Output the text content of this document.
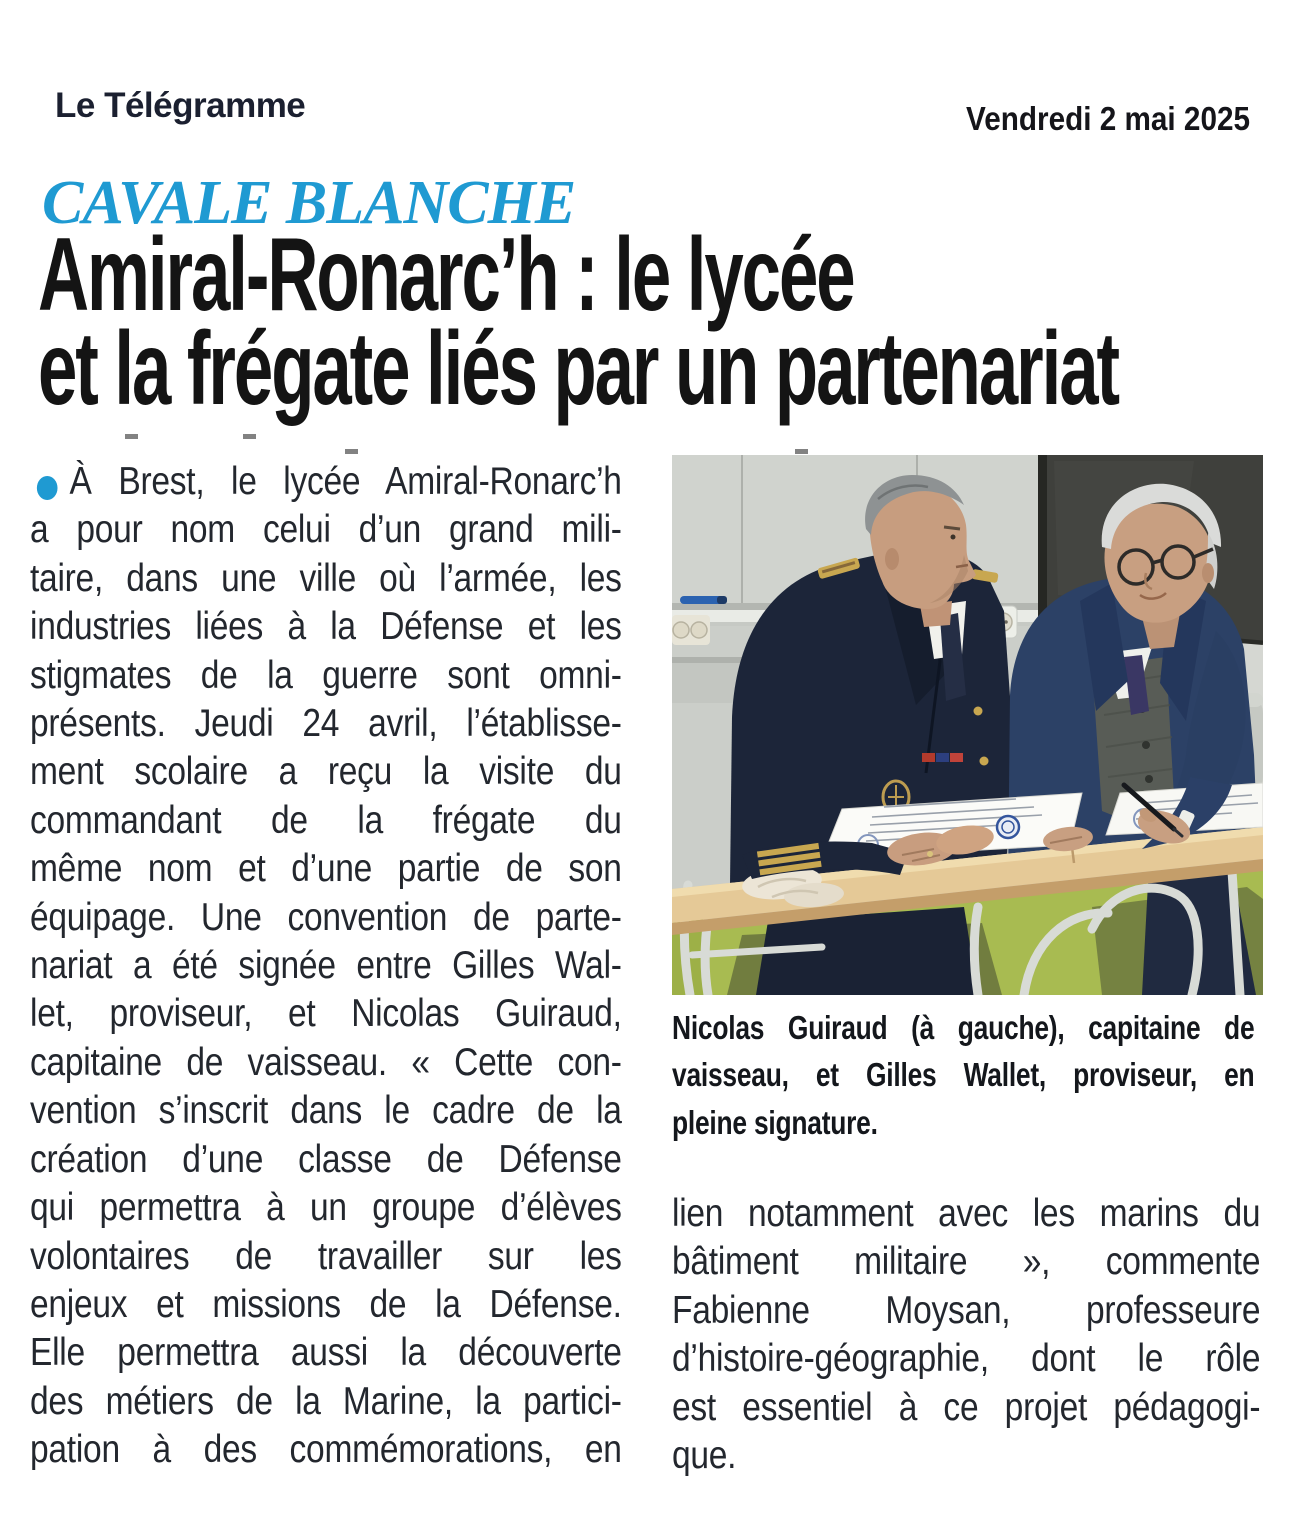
Le Télégramme	Vendredi 2 mai 2025
CAVALE BLANCHE
Amiral-Ronarc’h : le lycée
et la frégate liés par un partenariat
À Brest, le lycée Amiral-Ronarc’h
a pour nom celui d’un grand mili-
taire, dans une ville où l’armée, les
industries liées à la Défense et les
stigmates de la guerre sont omni-
présents. Jeudi 24 avril, l’établisse-
ment scolaire a reçu la visite du
commandant de la frégate du
même nom et d’une partie de son
équipage. Une convention de parte-
nariat a été signée entre Gilles Wal-
let, proviseur, et Nicolas Guiraud,
capitaine de vaisseau. « Cette con-
vention s’inscrit dans le cadre de la
création d’une classe de Défense
qui permettra à un groupe d’élèves
volontaires de travailler sur les
enjeux et missions de la Défense.
Elle permettra aussi la découverte
des métiers de la Marine, la partici-
pation à des commémorations, en
Nicolas Guiraud (à gauche), capitaine de
vaisseau, et Gilles Wallet, proviseur, en
pleine signature.
lien notamment avec les marins du
bâtiment militaire », commente
Fabienne Moysan, professeure
d’histoire-géographie, dont le rôle
est essentiel à ce projet pédagogi-
que.
